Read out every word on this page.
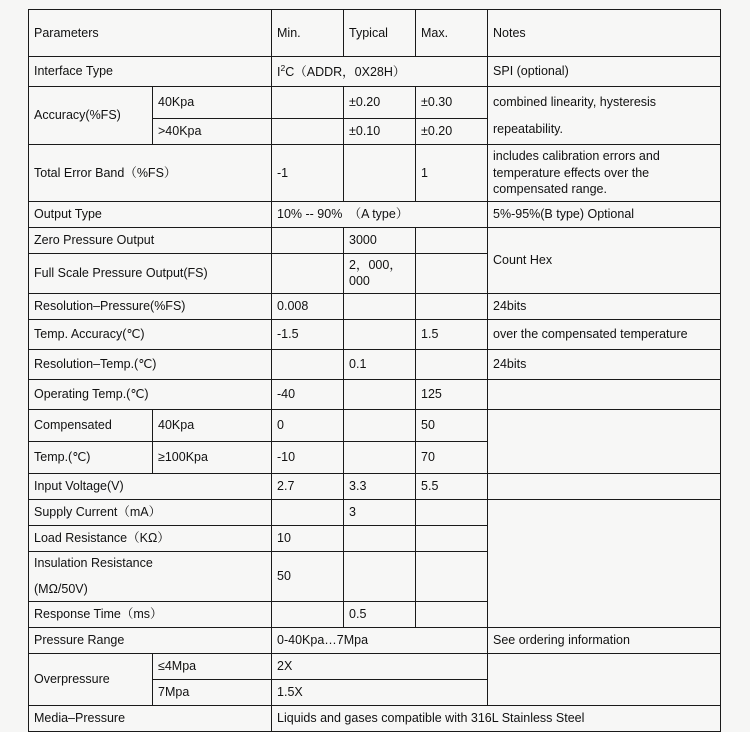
Parameters		Min.	Typical	Max.	Notes
Interface Type		$I^2C(ADDR$，0X28H）			SPI (optional)
Accuracy(%FS)	40Kpa		±0.20	±0.30	combined linearity, hysteresis
repeatability.

	>40Kpa		±0.10	±0.20	
Total Error Band（%FS）		-1		1	includes calibration errors and temperature effects over the compensated range.
Output Type		10% -- 90%　（A type）			5%-95%(B type) Optional
Zero Pressure Output			3000		Count Hex
Full Scale Pressure Output(FS)			2，000，000		
Resolution–Pressure(%FS)		0.008			24bits
Temp. Accuracy(℃)		-1.5		1.5	over the compensated temperature
Resolution–Temp.(℃)			0.1		24bits
Operating Temp.(℃)		-40		125	
Compensated	40Kpa	0		50	
Temp.(℃)	≥100Kpa	-10		70	
Input Voltage(V)		2.7	3.3	5.5	
Supply Current（mA）			3		
Load Resistance（KΩ）		10			

Insulation Resistance
(MΩ/50V)		50			
Response Time（ms）			0.5		
Pressure Range		0-40Kpa…7Mpa			See ordering information
Overpressure	≤4Mpa	2X			
	7Mpa	1.5X			
Media–Pressure		Liquids and gases compatible with 316L Stainless Steel			
